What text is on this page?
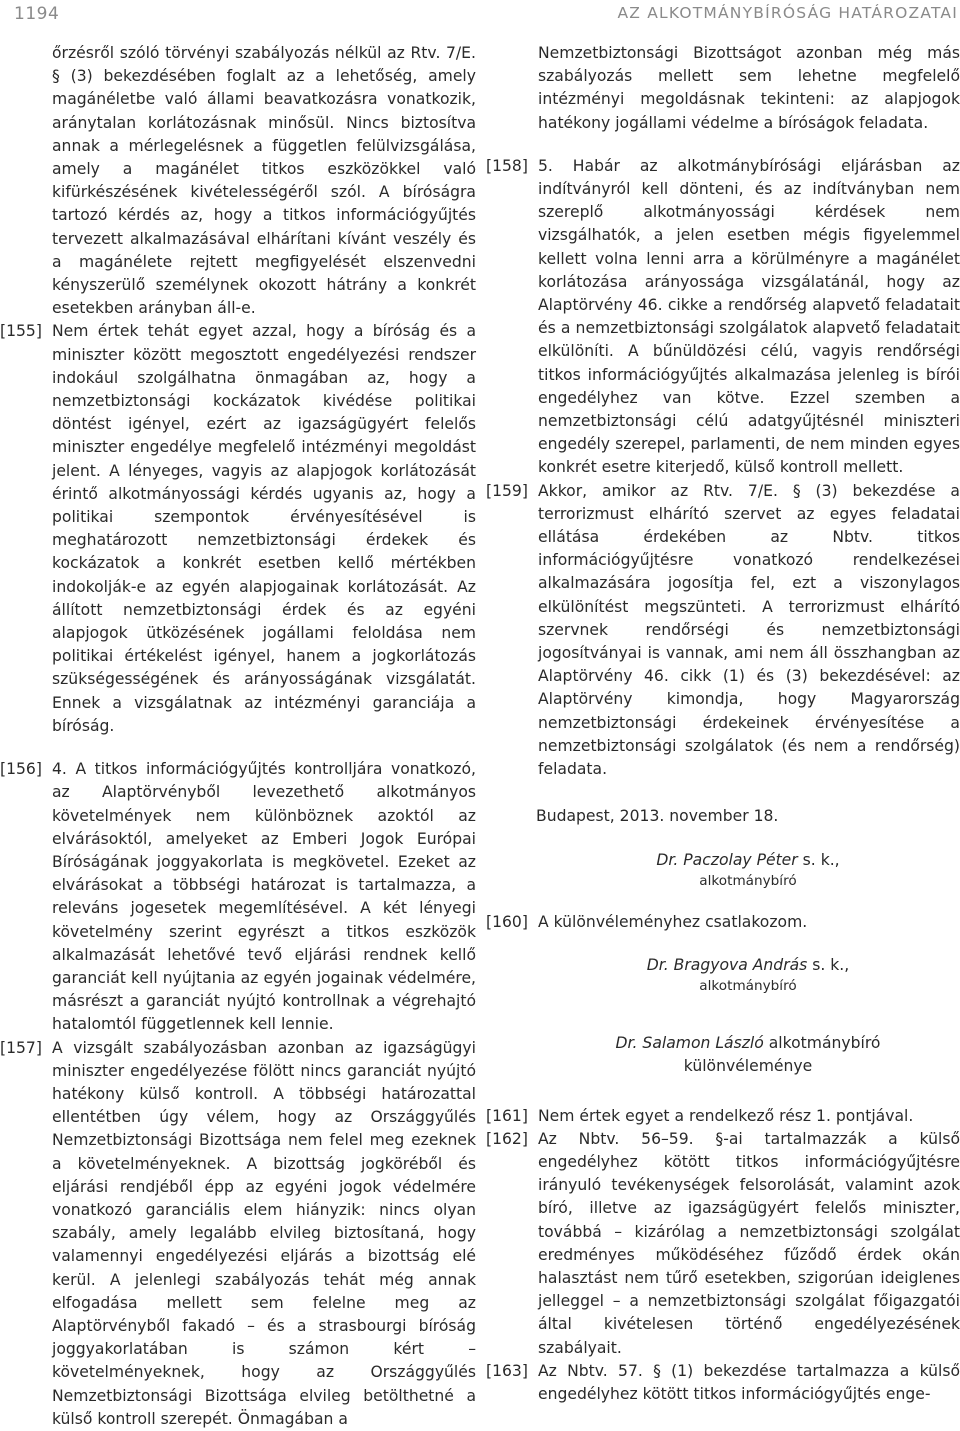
1194	AZ ALKOTMÁNYBÍRÓSÁG HATÁROZATAI
őrzésről szóló törvényi szabályozás nélkül az Rtv. 7/E. § (3) bekezdésében foglalt az a lehetőség, amely magánéletbe való állami beavatkozásra vonatkozik, aránytalan korlátozásnak minősül. Nincs biztosítva annak a mérlegelésnek a független felülvizsgálása, amely a magánélet titkos eszközökkel való kifürkészésének kivételességéről szól. A bíróságra tartozó kérdés az, hogy a titkos információgyűjtés tervezett alkalmazásával elhárítani kívánt veszély és a magánélete rejtett megfigyelését elszenvedni kényszerülő személynek okozott hátrány a konkrét esetekben arányban áll-e.
[155] Nem értek tehát egyet azzal, hogy a bíróság és a miniszter között megosztott engedélyezési rendszer indokául szolgálhatna önmagában az, hogy a nemzetbiztonsági kockázatok kivédése politikai döntést igényel, ezért az igazságügyért felelős miniszter engedélye megfelelő intézményi megoldást jelent. A lényeges, vagyis az alapjogok korlátozását érintő alkotmányossági kérdés ugyanis az, hogy a politikai szempontok érvényesítésével is meghatározott nemzetbiztonsági érdekek és kockázatok a konkrét esetben kellő mértékben indokolják-e az egyén alapjogainak korlátozását. Az állított nemzetbiztonsági érdek és az egyéni alapjogok ütközésének jogállami feloldása nem politikai értékelést igényel, hanem a jogkorlátozás szükségességének és arányosságának vizsgálatát. Ennek a vizsgálatnak az intézményi garanciája a bíróság.
[156] 4. A titkos információgyűjtés kontrolljára vonatkozó, az Alaptörvényből levezethető alkotmányos követelmények nem különböznek azoktól az elvárásoktól, amelyeket az Emberi Jogok Európai Bíróságának joggyakorlata is megkövetel. Ezeket az elvárásokat a többségi határozat is tartalmazza, a releváns jogesetek megemlítésével. A két lényegi követelmény szerint egyrészt a titkos eszközök alkalmazását lehetővé tevő eljárási rendnek kellő garanciát kell nyújtania az egyén jogainak védelmére, másrészt a garanciát nyújtó kontrollnak a végrehajtó hatalomtól függetlennek kell lennie.
[157] A vizsgált szabályozásban azonban az igazságügyi miniszter engedélyezése fölött nincs garanciát nyújtó hatékony külső kontroll. A többségi határozattal ellentétben úgy vélem, hogy az Országgyűlés Nemzetbiztonsági Bizottsága nem felel meg ezeknek a követelményeknek. A bizottság jogköréből és eljárási rendjéből épp az egyéni jogok védelmére vonatkozó garanciális elem hiányzik: nincs olyan szabály, amely legalább elvileg biztosítaná, hogy valamennyi engedélyezési eljárás a bizottság elé kerül. A jelenlegi szabályozás tehát még annak elfogadása mellett sem felelne meg az Alaptörvényből fakadó – és a strasbourgi bíróság joggyakorlatában is számon kért – követelményeknek, hogy az Országgyűlés Nemzetbiztonsági Bizottsága elvileg betölthetné a külső kontroll szerepét. Önmagában a
Nemzetbiztonsági Bizottságot azonban még más szabályozás mellett sem lehetne megfelelő intézményi megoldásnak tekinteni: az alapjogok hatékony jogállami védelme a bíróságok feladata.
[158] 5. Habár az alkotmánybírósági eljárásban az indítványról kell dönteni, és az indítványban nem szereplő alkotmányossági kérdések nem vizsgálhatók, a jelen esetben mégis figyelemmel kellett volna lenni arra a körülményre a magánélet korlátozása arányossága vizsgálatánál, hogy az Alaptörvény 46. cikke a rendőrség alapvető feladatait és a nemzetbiztonsági szolgálatok alapvető feladatait elkülöníti. A bűnüldözési célú, vagyis rendőrségi titkos információgyűjtés alkalmazása jelenleg is bírói engedélyhez van kötve. Ezzel szemben a nemzetbiztonsági célú adatgyűjtésnél miniszteri engedély szerepel, parlamenti, de nem minden egyes konkrét esetre kiterjedő, külső kontroll mellett.
[159] Akkor, amikor az Rtv. 7/E. § (3) bekezdése a terrorizmust elhárító szervet az egyes feladatai ellátása érdekében az Nbtv. titkos információgyűjtésre vonatkozó rendelkezései alkalmazására jogosítja fel, ezt a viszonylagos elkülönítést megszünteti. A terrorizmust elhárító szervnek rendőrségi és nemzetbiztonsági jogosítványai is vannak, ami nem áll összhangban az Alaptörvény 46. cikk (1) és (3) bekezdésével: az Alaptörvény kimondja, hogy Magyarország nemzetbiztonsági érdekeinek érvényesítése a nemzetbiztonsági szolgálatok (és nem a rendőrség) feladata.
Budapest, 2013. november 18.
Dr. Paczolay Péter s. k.,
alkotmánybíró
[160] A különvéleményhez csatlakozom.
Dr. Bragyova András s. k.,
alkotmánybíró
Dr. Salamon László alkotmánybíró
különvéleménye
[161] Nem értek egyet a rendelkező rész 1. pontjával.
[162] Az Nbtv. 56–59. §-ai tartalmazzák a külső engedélyhez kötött titkos információgyűjtésre irányuló tevékenységek felsorolását, valamint azok bíró, illetve az igazságügyért felelős miniszter, továbbá – kizárólag a nemzetbiztonsági szolgálat eredményes működéséhez fűződő érdek okán halasztást nem tűrő esetekben, szigorúan ideiglenes jelleggel – a nemzetbiztonsági szolgálat főigazgatói által kivételesen történő engedélyezésének szabályait.
[163] Az Nbtv. 57. § (1) bekezdése tartalmazza a külső engedélyhez kötött titkos információgyűjtés enge-
